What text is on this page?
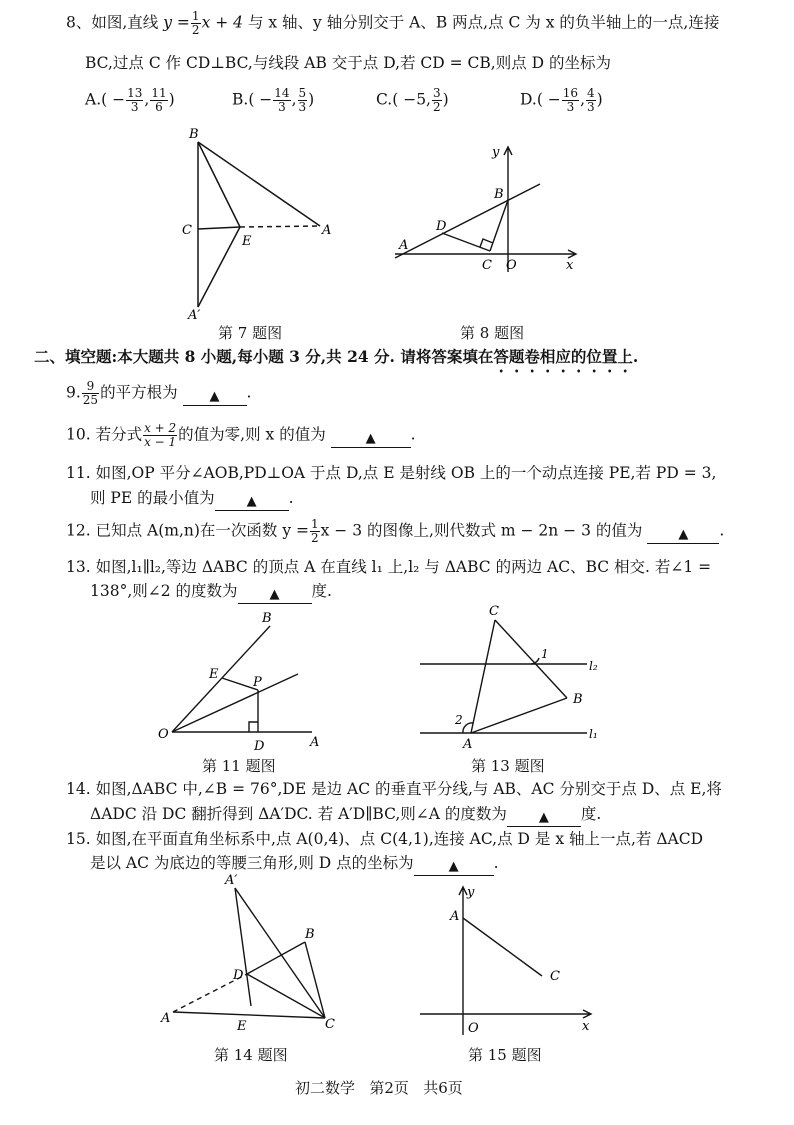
8、如图,直线 $y = \frac{1}{2}$ x + 4 与 x 轴、y 轴分别交于 A、B 两点,点 C 为 x 的负半轴上的一点,连接
BC,过点 C 作 CD⊥BC,与线段 AB 交于点 D,若 CD = CB,则点 D 的坐标为
$A.( - \frac{13}{3}$ , $\frac{11}{6}$ )	$B.( - \frac{14}{3}$ , $\frac{5}{3}$ )	C.( −5, $\frac{3}{2}$ )	$D.( - \frac{16}{3}$ , $\frac{4}{3}$ )
B
C
E
A
A′
第 7 题图
y
B
D
A
C O	x
第 8 题图
二、填空题:本大题共 8 小题,每小题 3 分,共 24 分. 请将答案填在答题卷相应的位置上.
9. $\frac{9}{25}$ 的平方根为 ▲ .
10. 若分式 $\frac{x + 2}{x - 1}$ 的值为零,则 x 的值为	▲ .
11. 如图,OP 平分∠AOB,PD⊥OA 于点 D,点 E 是射线 OB 上的一个动点连接 PE,若 PD = 3,
则 PE 的最小值为 ▲ .
12. 已知点 A(m,n)在一次函数 $y = \frac{1}{2}$ x − 3 的图像上,则代数式 m − 2n − 3 的值为	▲ .
13. 如图,l₁∥l₂,等边 ΔABC 的顶点 A 在直线 l₁ 上,l₂ 与 ΔABC 的两边 AC、BC 相交. 若∠1 =
138°,则∠2 的度数为 ▲ 度.
B
E
P
O
D	A
第 11 题图
C
1
l₂
B
2
l₁
A
第 13 题图
14. 如图,ΔABC 中,∠B = 76°,DE 是边 AC 的垂直平分线,与 AB、AC 分别交于点 D、点 E,将
ΔADC 沿 DC 翻折得到 ΔA′DC. 若 A′D∥BC,则∠A 的度数为 ▲ 度.
15. 如图,在平面直角坐标系中,点 A(0,4)、点 C(4,1),连接 AC,点 D 是 x 轴上一点,若 ΔACD
是以 AC 为底边的等腰三角形,则 D 点的坐标为	▲ .
A′
B
D
A
E	C
第 14 题图
y
A
C
O	x
第 15 题图
初二数学 第2页 共6页
